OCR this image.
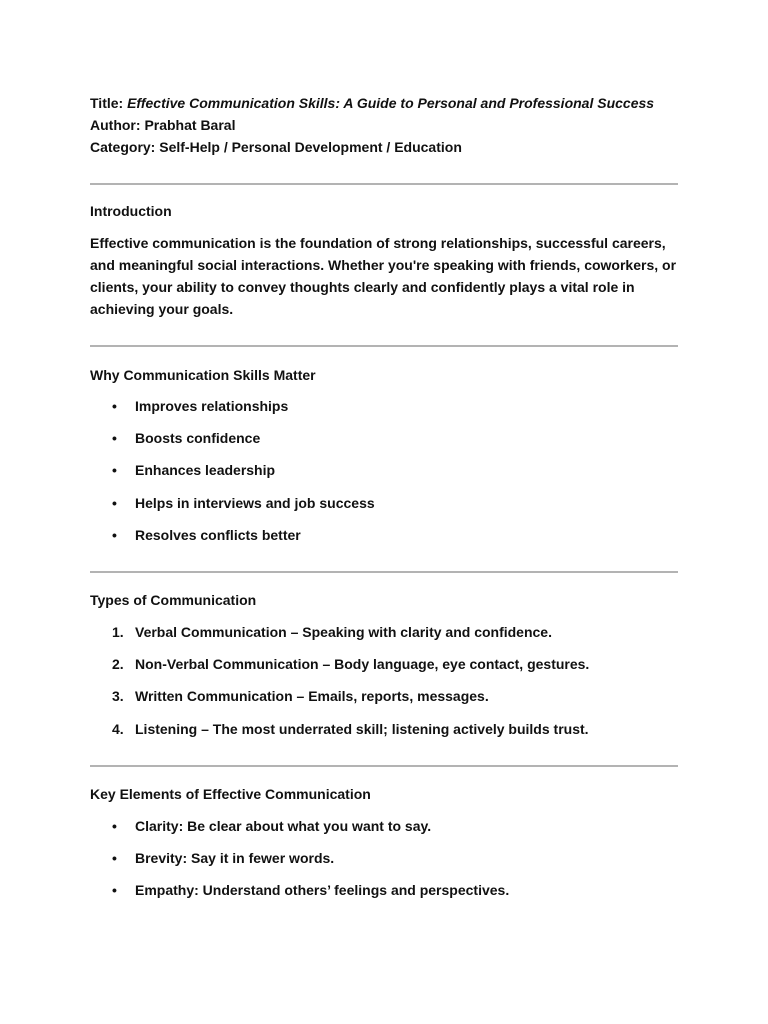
Title: Effective Communication Skills: A Guide to Personal and Professional Success
Author: Prabhat Baral
Category: Self-Help / Personal Development / Education
Introduction
Effective communication is the foundation of strong relationships, successful careers, and meaningful social interactions. Whether you're speaking with friends, coworkers, or clients, your ability to convey thoughts clearly and confidently plays a vital role in achieving your goals.
Why Communication Skills Matter
•	Improves relationships
•	Boosts confidence
•	Enhances leadership
•	Helps in interviews and job success
•	Resolves conflicts better
Types of Communication
1. Verbal Communication – Speaking with clarity and confidence.
2. Non-Verbal Communication – Body language, eye contact, gestures.
3. Written Communication – Emails, reports, messages.
4. Listening – The most underrated skill; listening actively builds trust.
Key Elements of Effective Communication
•	Clarity: Be clear about what you want to say.
•	Brevity: Say it in fewer words.
•	Empathy: Understand others’ feelings and perspectives.
